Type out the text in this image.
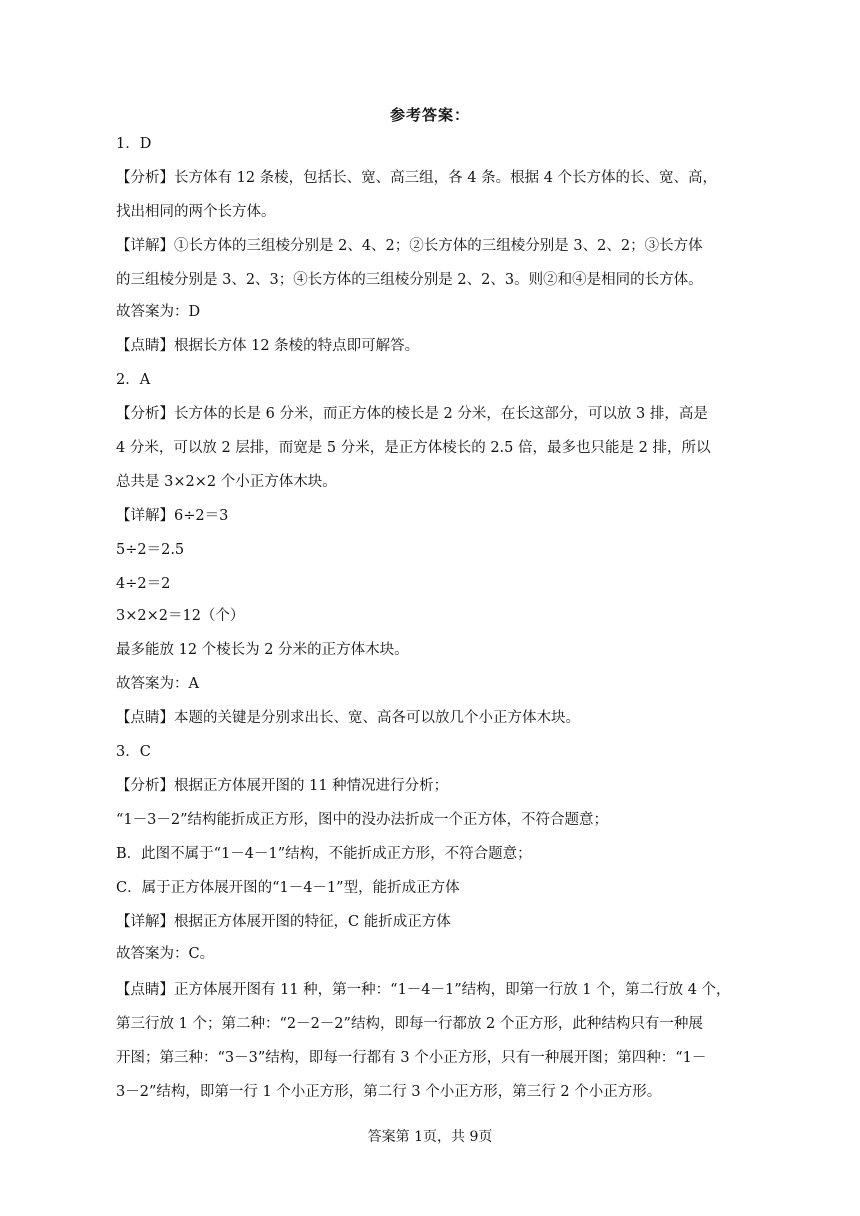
参考答案：
1．D
【分析】长方体有 12 条棱，包括长、宽、高三组，各 4 条。根据 4 个长方体的长、宽、高，
找出相同的两个长方体。
【详解】①长方体的三组棱分别是 2、4、2；②长方体的三组棱分别是 3、2、2；③长方体
的三组棱分别是 3、2、3；④长方体的三组棱分别是 2、2、3。则②和④是相同的长方体。
故答案为：D
【点睛】根据长方体 12 条棱的特点即可解答。
2．A
【分析】长方体的长是 6 分米，而正方体的棱长是 2 分米，在长这部分，可以放 3 排，高是
4 分米，可以放 2 层排，而宽是 5 分米，是正方体棱长的 2.5 倍，最多也只能是 2 排，所以
总共是 3×2×2 个小正方体木块。
【详解】6÷2＝3
5÷2＝2.5
4÷2＝2
3×2×2＝12（个）
最多能放 12 个棱长为 2 分米的正方体木块。
故答案为：A
【点睛】本题的关键是分别求出长、宽、高各可以放几个小正方体木块。
3．C
【分析】根据正方体展开图的 11 种情况进行分析；
“1－3－2”结构能折成正方形，图中的没办法折成一个正方体，不符合题意；
B．此图不属于“1－4－1”结构，不能折成正方形，不符合题意；
C．属于正方体展开图的“1－4－1”型，能折成正方体
【详解】根据正方体展开图的特征，C 能折成正方体
故答案为：C。
【点睛】正方体展开图有 11 种，第一种：“1－4－1”结构，即第一行放 1 个，第二行放 4 个，
第三行放 1 个；第二种：“2－2－2”结构，即每一行都放 2 个正方形，此种结构只有一种展
开图；第三种：“3－3”结构，即每一行都有 3 个小正方形，只有一种展开图；第四种：“1－
3－2”结构，即第一行 1 个小正方形，第二行 3 个小正方形，第三行 2 个小正方形。
答案第 1页，共 9页
